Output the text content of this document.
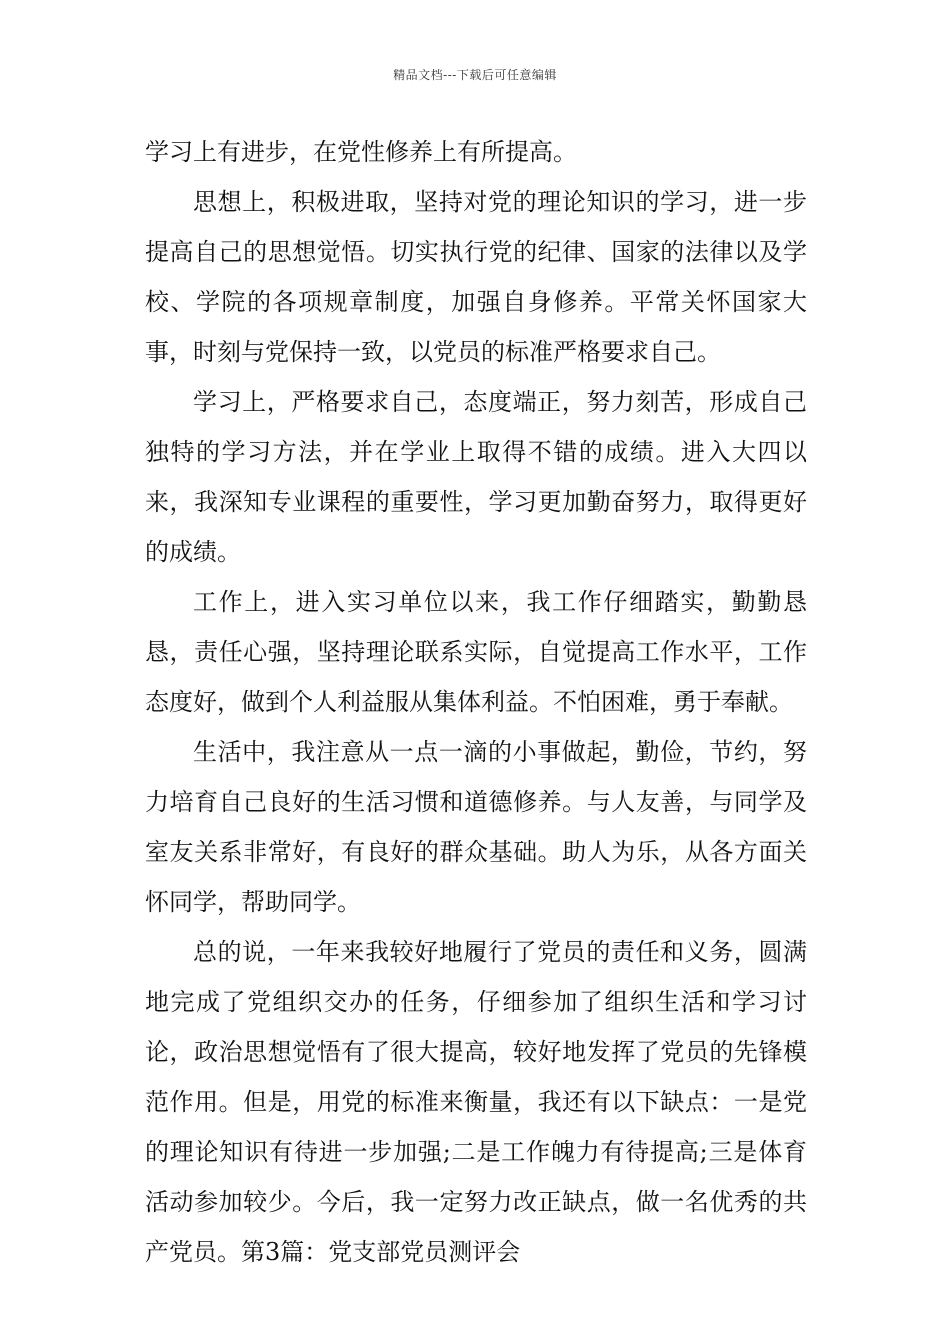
精品文档---下载后可任意编辑

学习上有进步，在党性修养上有所提高。

思想上，积极进取，坚持对党的理论知识的学习，进一步提高自己的思想觉悟。切实执行党的纪律、国家的法律以及学校、学院的各项规章制度，加强自身修养。平常关怀国家大事，时刻与党保持一致，以党员的标准严格要求自己。

学习上，严格要求自己，态度端正，努力刻苦，形成自己独特的学习方法，并在学业上取得不错的成绩。进入大四以来，我深知专业课程的重要性，学习更加勤奋努力，取得更好的成绩。

工作上，进入实习单位以来，我工作仔细踏实，勤勤恳恳，责任心强，坚持理论联系实际，自觉提高工作水平，工作态度好，做到个人利益服从集体利益。不怕困难，勇于奉献。

生活中，我注意从一点一滴的小事做起，勤俭，节约，努力培育自己良好的生活习惯和道德修养。与人友善，与同学及室友关系非常好，有良好的群众基础。助人为乐，从各方面关怀同学，帮助同学。

总的说，一年来我较好地履行了党员的责任和义务，圆满地完成了党组织交办的任务，仔细参加了组织生活和学习讨论，政治思想觉悟有了很大提高，较好地发挥了党员的先锋模范作用。但是，用党的标准来衡量，我还有以下缺点：一是党的理论知识有待进一步加强;二是工作魄力有待提高;三是体育活动参加较少。今后，我一定努力改正缺点，做一名优秀的共产党员。第3篇：党支部党员测评会
